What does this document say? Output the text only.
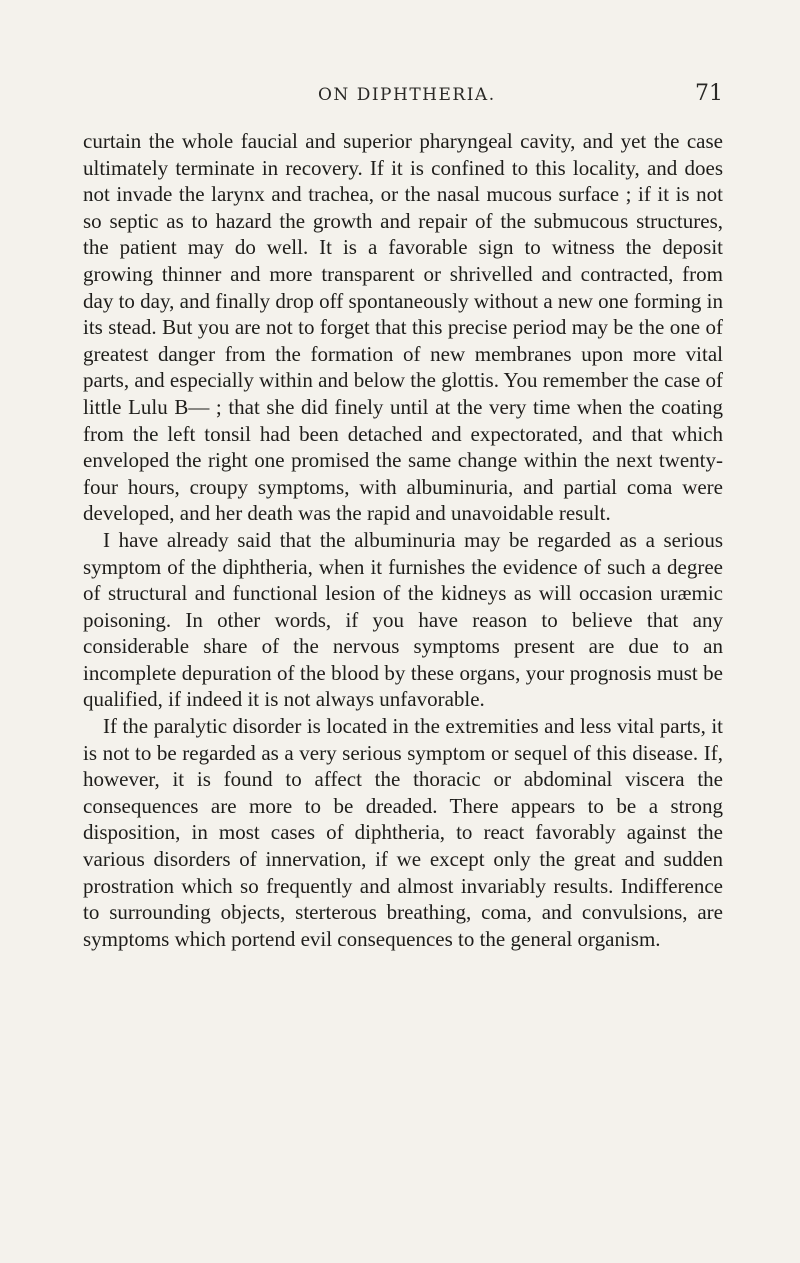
ON DIPHTHERIA.	71

curtain the whole faucial and superior pharyngeal cavity, and yet the case ultimately terminate in recovery. If it is confined to this locality, and does not invade the larynx and trachea, or the nasal mucous surface ; if it is not so septic as to hazard the growth and repair of the submucous structures, the patient may do well. It is a favorable sign to witness the deposit growing thinner and more transparent or shrivelled and contracted, from day to day, and finally drop off spontaneously without a new one forming in its stead. But you are not to forget that this precise period may be the one of greatest danger from the formation of new membranes upon more vital parts, and especially within and below the glottis. You remember the case of little Lulu B— ; that she did finely until at the very time when the coating from the left tonsil had been detached and expectorated, and that which enveloped the right one promised the same change within the next twenty-four hours, croupy symptoms, with albuminuria, and partial coma were developed, and her death was the rapid and unavoidable result.

I have already said that the albuminuria may be regarded as a serious symptom of the diphtheria, when it furnishes the evidence of such a degree of structural and functional lesion of the kidneys as will occasion uræmic poisoning. In other words, if you have reason to believe that any considerable share of the nervous symptoms present are due to an incomplete depuration of the blood by these organs, your prognosis must be qualified, if indeed it is not always unfavorable.

If the paralytic disorder is located in the extremities and less vital parts, it is not to be regarded as a very serious symptom or sequel of this disease. If, however, it is found to affect the thoracic or abdominal viscera the consequences are more to be dreaded. There appears to be a strong disposition, in most cases of diphtheria, to react favorably against the various disorders of innervation, if we except only the great and sudden prostration which so frequently and almost invariably results. Indifference to surrounding objects, sterterous breathing, coma, and convulsions, are symptoms which portend evil consequences to the general organism.
